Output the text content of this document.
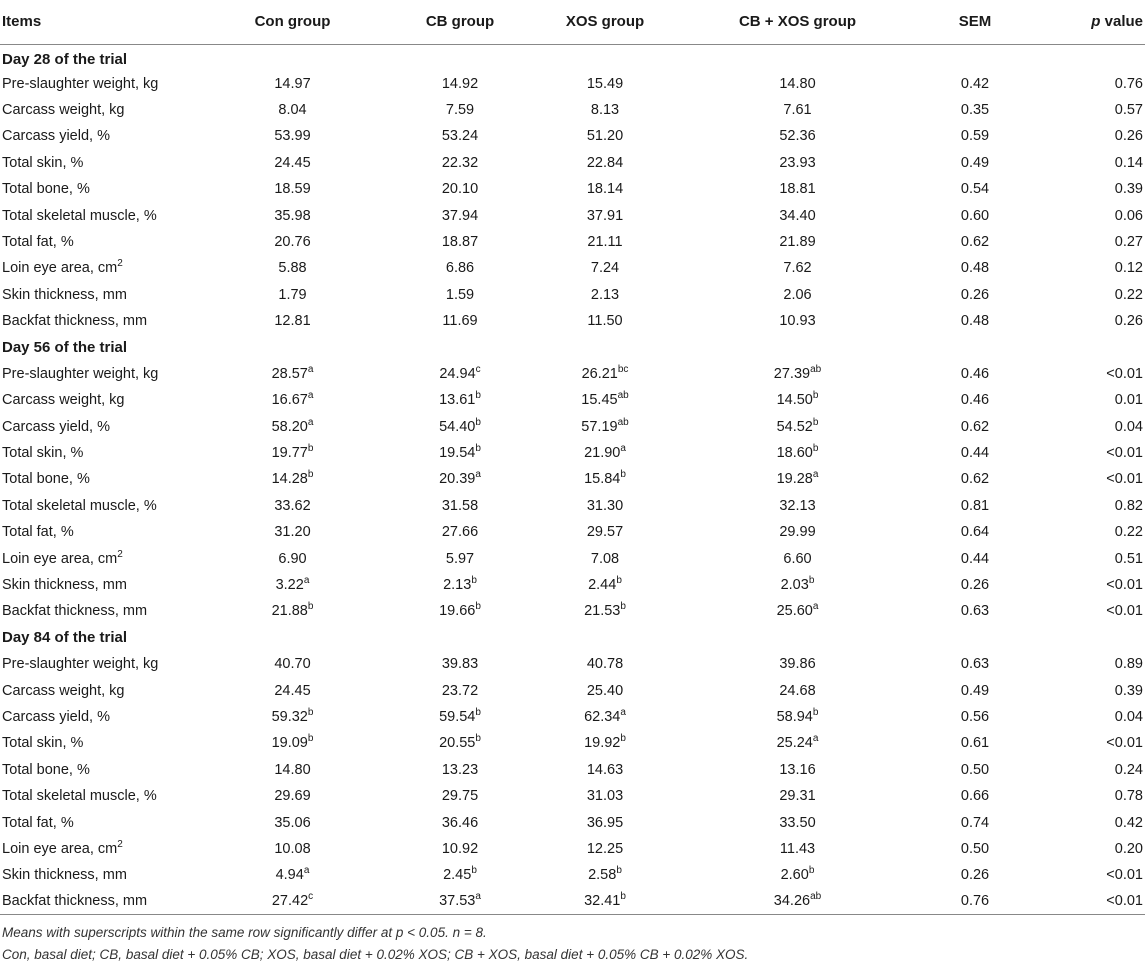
Items	Con group	CB group	XOS group	CB + XOS group	SEM	p value
Day 28 of the trial						
Pre-slaughter weight, kg	14.97	14.92	15.49	14.80	0.42	0.76
Carcass weight, kg	8.04	7.59	8.13	7.61	0.35	0.57
Carcass yield, %	53.99	53.24	51.20	52.36	0.59	0.26
Total skin, %	24.45	22.32	22.84	23.93	0.49	0.14
Total bone, %	18.59	20.10	18.14	18.81	0.54	0.39
Total skeletal muscle, %	35.98	37.94	37.91	34.40	0.60	0.06
Total fat, %	20.76	18.87	21.11	21.89	0.62	0.27
Loin eye area, $cm^2$	5.88	6.86	7.24	7.62	0.48	0.12
Skin thickness, mm	1.79	1.59	2.13	2.06	0.26	0.22
Backfat thickness, mm	12.81	11.69	11.50	10.93	0.48	0.26
Day 56 of the trial						
Pre-slaughter weight, kg	28.57$^a$	24.94$^c$	26.21$^{bc}$	27.39$^{ab}$	0.46	<0.01
Carcass weight, kg	16.67$^a$	13.61$^b$	15.45$^{ab}$	14.50$^b$	0.46	0.01
Carcass yield, %	58.20$^a$	54.40$^b$	57.19$^{ab}$	54.52$^b$	0.62	0.04
Total skin, %	19.77$^b$	19.54$^b$	21.90$^a$	18.60$^b$	0.44	<0.01
Total bone, %	14.28$^b$	20.39$^a$	15.84$^b$	19.28$^a$	0.62	<0.01
Total skeletal muscle, %	33.62	31.58	31.30	32.13	0.81	0.82
Total fat, %	31.20	27.66	29.57	29.99	0.64	0.22
Loin eye area, $cm^2$	6.90	5.97	7.08	6.60	0.44	0.51
Skin thickness, mm	3.22$^a$	2.13$^b$	2.44$^b$	2.03$^b$	0.26	<0.01
Backfat thickness, mm	21.88$^b$	19.66$^b$	21.53$^b$	25.60$^a$	0.63	<0.01
Day 84 of the trial						
Pre-slaughter weight, kg	40.70	39.83	40.78	39.86	0.63	0.89
Carcass weight, kg	24.45	23.72	25.40	24.68	0.49	0.39
Carcass yield, %	59.32$^b$	59.54$^b$	62.34$^a$	58.94$^b$	0.56	0.04
Total skin, %	19.09$^b$	20.55$^b$	19.92$^b$	25.24$^a$	0.61	<0.01
Total bone, %	14.80	13.23	14.63	13.16	0.50	0.24
Total skeletal muscle, %	29.69	29.75	31.03	29.31	0.66	0.78
Total fat, %	35.06	36.46	36.95	33.50	0.74	0.42
Loin eye area, $cm^2$	10.08	10.92	12.25	11.43	0.50	0.20
Skin thickness, mm	4.94$^a$	2.45$^b$	2.58$^b$	2.60$^b$	0.26	<0.01
Backfat thickness, mm	27.42$^c$	37.53$^a$	32.41$^b$	34.26$^{ab}$	0.76	<0.01

Means with superscripts within the same row significantly differ at p < 0.05. n = 8.

Con, basal diet; CB, basal diet + 0.05% CB; XOS, basal diet + 0.02% XOS; CB + XOS, basal diet + 0.05% CB + 0.02% XOS.
